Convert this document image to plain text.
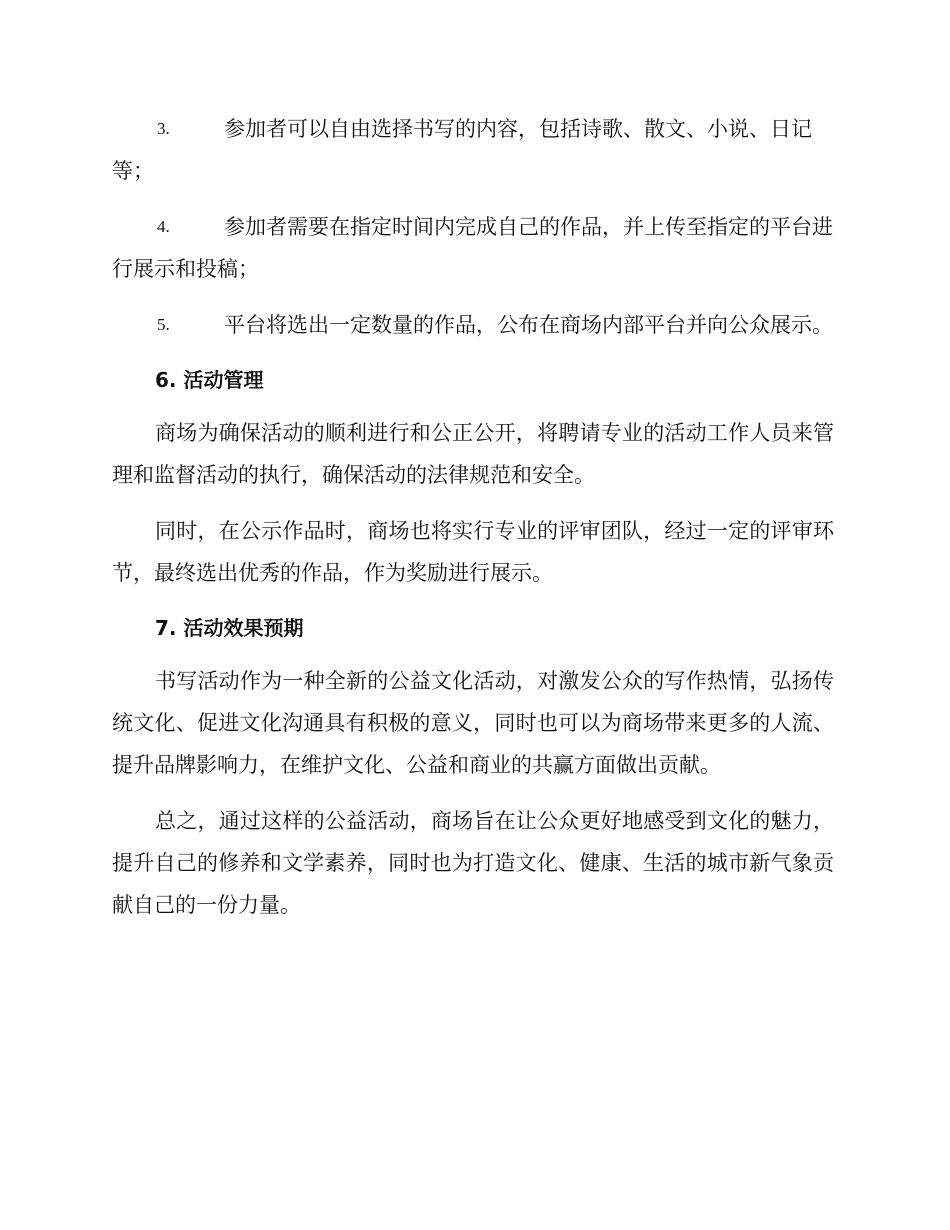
3.	参加者可以自由选择书写的内容，包括诗歌、散文、小说、日记等；
4.	参加者需要在指定时间内完成自己的作品，并上传至指定的平台进行展示和投稿；
5.	平台将选出一定数量的作品，公布在商场内部平台并向公众展示。
6. 活动管理

商场为确保活动的顺利进行和公正公开，将聘请专业的活动工作人员来管理和监督活动的执行，确保活动的法律规范和安全。

同时，在公示作品时，商场也将实行专业的评审团队，经过一定的评审环节，最终选出优秀的作品，作为奖励进行展示。

7. 活动效果预期

书写活动作为一种全新的公益文化活动，对激发公众的写作热情，弘扬传统文化、促进文化沟通具有积极的意义，同时也可以为商场带来更多的人流、提升品牌影响力，在维护文化、公益和商业的共赢方面做出贡献。

总之，通过这样的公益活动，商场旨在让公众更好地感受到文化的魅力，提升自己的修养和文学素养，同时也为打造文化、健康、生活的城市新气象贡献自己的一份力量。
